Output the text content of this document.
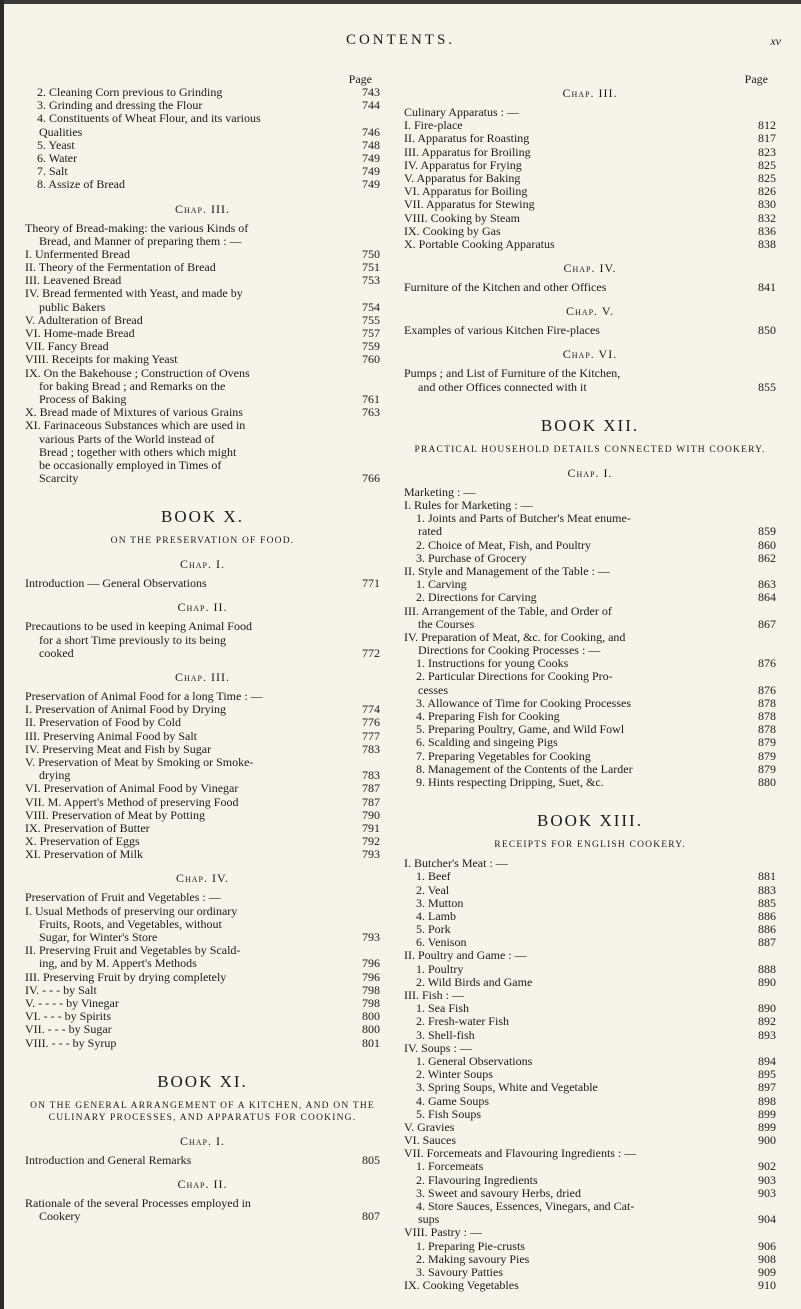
CONTENTS.	xv
Page
2. Cleaning Corn previous to Grinding	743
3. Grinding and dressing the Flour	744
4. Constituents of Wheat Flour, and its various
Qualities	746
5. Yeast	748
6. Water	749
7. Salt	749
8. Assize of Bread	749
Chap. III.
Theory of Bread-making: the various Kinds of
Bread, and Manner of preparing them : —
I. Unfermented Bread	750
II. Theory of the Fermentation of Bread	751
III. Leavened Bread	753
IV. Bread fermented with Yeast, and made by
public Bakers	754
V. Adulteration of Bread	755
VI. Home-made Bread	757
VII. Fancy Bread	759
VIII. Receipts for making Yeast	760
IX. On the Bakehouse ; Construction of Ovens
for baking Bread ; and Remarks on the
Process of Baking	761
X. Bread made of Mixtures of various Grains	763
XI. Farinaceous Substances which are used in
various Parts of the World instead of
Bread ; together with others which might
be occasionally employed in Times of
Scarcity	766
BOOK X.
ON THE PRESERVATION OF FOOD.
Chap. I.
Introduction — General Observations	771
Chap. II.
Precautions to be used in keeping Animal Food
for a short Time previously to its being
cooked	772
Chap. III.
Preservation of Animal Food for a long Time : —
I. Preservation of Animal Food by Drying	774
II. Preservation of Food by Cold	776
III. Preserving Animal Food by Salt	777
IV. Preserving Meat and Fish by Sugar	783
V. Preservation of Meat by Smoking or Smoke-
drying	783
VI. Preservation of Animal Food by Vinegar	787
VII. M. Appert's Method of preserving Food	787
VIII. Preservation of Meat by Potting	790
IX. Preservation of Butter	791
X. Preservation of Eggs	792
XI. Preservation of Milk	793
Chap. IV.
Preservation of Fruit and Vegetables : —
I. Usual Methods of preserving our ordinary
Fruits, Roots, and Vegetables, without
Sugar, for Winter's Store	793
II. Preserving Fruit and Vegetables by Scald-
ing, and by M. Appert's Methods	796
III. Preserving Fruit by drying completely	796
IV. - - - by Salt	798
V. - - - - by Vinegar	798
VI. - - - by Spirits	800
VII. - - - by Sugar	800
VIII. - - - by Syrup	801
BOOK XI.
ON THE GENERAL ARRANGEMENT OF A KITCHEN, AND ON THE CULINARY PROCESSES, AND APPARATUS FOR COOKING.
Chap. I.
Introduction and General Remarks	805
Chap. II.
Rationale of the several Processes employed in
Cookery	807
Page
Chap. III.
Culinary Apparatus : —
I. Fire-place	812
II. Apparatus for Roasting	817
III. Apparatus for Broiling	823
IV. Apparatus for Frying	825
V. Apparatus for Baking	825
VI. Apparatus for Boiling	826
VII. Apparatus for Stewing	830
VIII. Cooking by Steam	832
IX. Cooking by Gas	836
X. Portable Cooking Apparatus	838
Chap. IV.
Furniture of the Kitchen and other Offices	841
Chap. V.
Examples of various Kitchen Fire-places	850
Chap. VI.
Pumps ; and List of Furniture of the Kitchen,
and other Offices connected with it	855
BOOK XII.
PRACTICAL HOUSEHOLD DETAILS CONNECTED WITH COOKERY.
Chap. I.
Marketing : —
I. Rules for Marketing : —
1. Joints and Parts of Butcher's Meat enume-
rated	859
2. Choice of Meat, Fish, and Poultry	860
3. Purchase of Grocery	862
II. Style and Management of the Table : —
1. Carving	863
2. Directions for Carving	864
III. Arrangement of the Table, and Order of
the Courses	867
IV. Preparation of Meat, &c. for Cooking, and
Directions for Cooking Processes : —
1. Instructions for young Cooks	876
2. Particular Directions for Cooking Pro-
cesses	876
3. Allowance of Time for Cooking Processes	878
4. Preparing Fish for Cooking	878
5. Preparing Poultry, Game, and Wild Fowl	878
6. Scalding and singeing Pigs	879
7. Preparing Vegetables for Cooking	879
8. Management of the Contents of the Larder	879
9. Hints respecting Dripping, Suet, &c.	880
BOOK XIII.
RECEIPTS FOR ENGLISH COOKERY.
I. Butcher's Meat : —
1. Beef	881
2. Veal	883
3. Mutton	885
4. Lamb	886
5. Pork	886
6. Venison	887
II. Poultry and Game : —
1. Poultry	888
2. Wild Birds and Game	890
III. Fish : —
1. Sea Fish	890
2. Fresh-water Fish	892
3. Shell-fish	893
IV. Soups : —
1. General Observations	894
2. Winter Soups	895
3. Spring Soups, White and Vegetable	897
4. Game Soups	898
5. Fish Soups	899
V. Gravies	899
VI. Sauces	900
VII. Forcemeats and Flavouring Ingredients : —
1. Forcemeats	902
2. Flavouring Ingredients	903
3. Sweet and savoury Herbs, dried	903
4. Store Sauces, Essences, Vinegars, and Cat-
sups	904
VIII. Pastry : —
1. Preparing Pie-crusts	906
2. Making savoury Pies	908
3. Savoury Patties	909
IX. Cooking Vegetables	910
